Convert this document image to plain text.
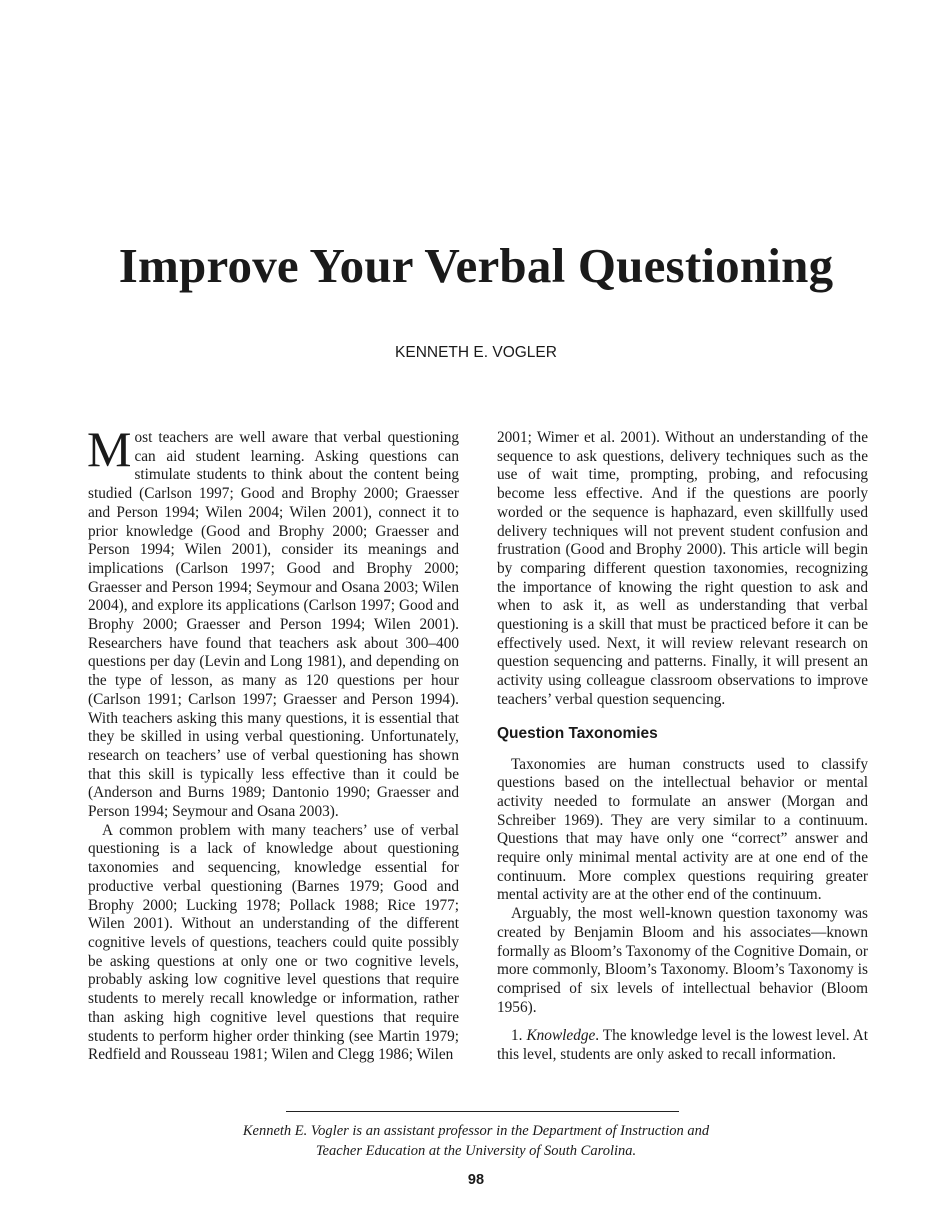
Improve Your Verbal Questioning
KENNETH E. VOGLER

Most teachers are well aware that verbal questioning can aid student learning. Asking questions can stimulate students to think about the content being studied (Carlson 1997; Good and Brophy 2000; Graesser and Person 1994; Wilen 2004; Wilen 2001), connect it to prior knowledge (Good and Brophy 2000; Graesser and Person 1994; Wilen 2001), consider its meanings and implications (Carlson 1997; Good and Brophy 2000; Graesser and Person 1994; Seymour and Osana 2003; Wilen 2004), and explore its applications (Carlson 1997; Good and Brophy 2000; Graesser and Person 1994; Wilen 2001). Researchers have found that teachers ask about 300–400 questions per day (Levin and Long 1981), and depending on the type of lesson, as many as 120 questions per hour (Carlson 1991; Carlson 1997; Graesser and Person 1994). With teachers asking this many questions, it is essential that they be skilled in using verbal questioning. Unfortunately, research on teachers’ use of verbal questioning has shown that this skill is typically less effective than it could be (Anderson and Burns 1989; Dantonio 1990; Graesser and Person 1994; Seymour and Osana 2003).

A common problem with many teachers’ use of verbal questioning is a lack of knowledge about questioning taxonomies and sequencing, knowledge essential for productive verbal questioning (Barnes 1979; Good and Brophy 2000; Lucking 1978; Pollack 1988; Rice 1977; Wilen 2001). Without an understanding of the different cognitive levels of questions, teachers could quite possibly be asking questions at only one or two cognitive levels, probably asking low cognitive level questions that require students to merely recall knowledge or information, rather than asking high cognitive level questions that require students to perform higher order thinking (see Martin 1979; Redfield and Rousseau 1981; Wilen and Clegg 1986; Wilen

2001; Wimer et al. 2001). Without an understanding of the sequence to ask questions, delivery techniques such as the use of wait time, prompting, probing, and refocusing become less effective. And if the questions are poorly worded or the sequence is haphazard, even skillfully used delivery techniques will not prevent student confusion and frustration (Good and Brophy 2000). This article will begin by comparing different question taxonomies, recognizing the importance of knowing the right question to ask and when to ask it, as well as understanding that verbal questioning is a skill that must be practiced before it can be effectively used. Next, it will review relevant research on question sequencing and patterns. Finally, it will present an activity using colleague classroom observations to improve teachers’ verbal question sequencing.

Question Taxonomies

Taxonomies are human constructs used to classify questions based on the intellectual behavior or mental activity needed to formulate an answer (Morgan and Schreiber 1969). They are very similar to a continuum. Questions that may have only one “correct” answer and require only minimal mental activity are at one end of the continuum. More complex questions requiring greater mental activity are at the other end of the continuum.

Arguably, the most well-known question taxonomy was created by Benjamin Bloom and his associates—known formally as Bloom’s Taxonomy of the Cognitive Domain, or more commonly, Bloom’s Taxonomy. Bloom’s Taxonomy is comprised of six levels of intellectual behavior (Bloom 1956).

1. Knowledge. The knowledge level is the lowest level. At this level, students are only asked to recall information.

Kenneth E. Vogler is an assistant professor in the Department of Instruction and
Teacher Education at the University of South Carolina.
98
